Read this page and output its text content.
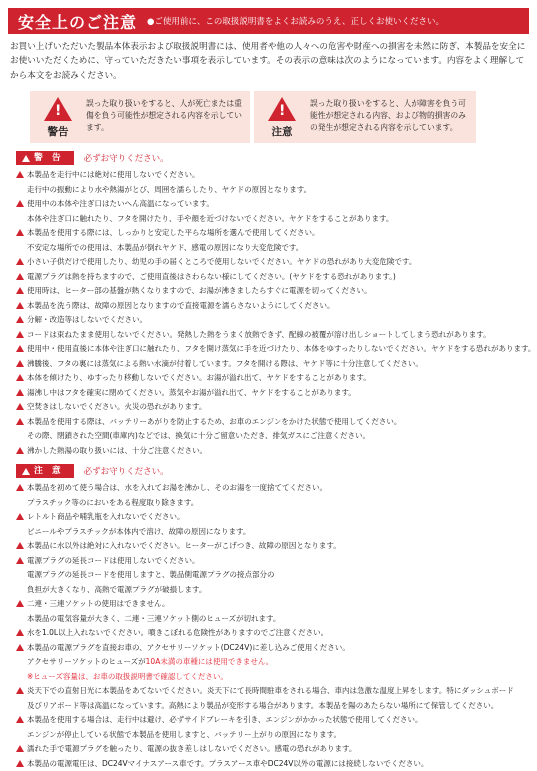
安全上のご注意 ●ご使用前に、この取扱説明書をよくお読みのうえ、正しくお使いください。

お買い上げいただいた製品本体表示および取扱説明書には、使用者や他の人々への危害や財産への損害を未然に防ぎ、本製品を安全にお使いいただくために、守っていただきたい事項を表示しています。その表示の意味は次のようになっています。内容をよく理解してから本文をお読みください。

!
警告
誤った取り扱いをすると、人が死亡または重傷を負う可能性が想定される内容を示しています。
!
注意
誤った取り扱いをすると、人が障害を負う可能性が想定される内容、および物的損害のみの発生が想定される内容を示しています。
警 告 必ずお守りください。
本製品を走行中には絶対に使用しないでください。
走行中の振動により水や熱湯がとび、周囲を濡らしたり、ヤケドの原因となります。
使用中の本体や注ぎ口はたいへん高温になっています。
本体や注ぎ口に触れたり、フタを開けたり、手や顔を近づけないでください。ヤケドをすることがあります。
本製品を使用する際には、しっかりと安定した平らな場所を選んで使用してください。
不安定な場所での使用は、本製品が倒れヤケド、感電の原因になり大変危険です。
小さい子供だけで使用したり、幼児の手の届くところで使用しないでください。ヤケドの恐れがあり大変危険です。
電源プラグは熱を持ちますので、ご使用直後はさわらない様にしてください。(ヤケドをする恐れがあります。)
使用時は、ヒーター部の基盤が熱くなりますので、お湯が沸きましたらすぐに電源を切ってください。
本製品を洗う際は、故障の原因となりますので直接電源を濡らさないようにしてください。
分解・改造等はしないでください。
コードは束ねたまま使用しないでください。発熱した熱をうまく放熱できず、配線の被覆が溶け出しショートしてしまう恐れがあります。
使用中・使用直後に本体や注ぎ口に触れたり、フタを開け蒸気に手を近づけたり、本体をゆすったりしないでください。ヤケドをする恐れがあります。
沸騰後、フタの裏には蒸気による熱い水滴が付着しています。フタを開ける際は、ヤケド等に十分注意してください。
本体を傾けたり、ゆすったり移動しないでください。お湯が溢れ出て、ヤケドをすることがあります。
湯沸し中はフタを確実に閉めてください。蒸気やお湯が溢れ出て、ヤケドをすることがあります。
空焚きはしないでください。火災の恐れがあります。
本製品を使用する際は、バッテリーあがりを防止するため、お車のエンジンをかけた状態で使用してください。
その際、閉鎖された空間(車庫内)などでは、換気に十分ご留意いただき、排気ガスにご注意ください。
沸かした熱湯の取り扱いには、十分ご注意ください。
注 意 必ずお守りください。
本製品を初めて使う場合は、水を入れてお湯を沸かし、そのお湯を一度捨ててください。
プラスチック等のにおいをある程度取り除きます。
レトルト商品や哺乳瓶を入れないでください。
ビニールやプラスチックが本体内で溶け、故障の原因になります。
本製品に水以外は絶対に入れないでください。ヒーターがこげつき、故障の原因となります。
電源プラグの延長コードは使用しないでください。
電源プラグの延長コードを使用しますと、製品側電源プラグの接点部分の
負担が大きくなり、高熱で電源プラグが破損します。
二連・三連ソケットの使用はできません。
本製品の電気容量が大きく、二連・三連ソケット側のヒューズが切れます。
水を1.0L以上入れないでください。噴きこぼれる危険性がありますのでご注意ください。
本製品の電源プラグを直接お車の、アクセサリーソケット(DC24V)に差し込みご使用ください。
アクセサリーソケットのヒューズが10A未満の車種には使用できません。
※ヒューズ容量は、お車の取扱説明書で確認してください。
炎天下での直射日光に本製品をあてないでください。炎天下にて長時間駐車をされる場合、車内は急激な温度上昇をします。特にダッシュボード
及びリアボード等は高温になっています。高熱により製品が変形する場合があります。本製品を陽のあたらない場所にて保管してください。
本製品を使用する場合は、走行中は避け、必ずサイドブレーキを引き、エンジンがかかった状態で使用してください。
エンジンが停止している状態で本製品を使用しますと、バッテリー上がりの原因になります。
濡れた手で電源プラグを触ったり、電源の抜き差しはしないでください。感電の恐れがあります。
本製品の電源電圧は、DC24Vマイナスアース車です。プラスアース車やDC24V以外の電源には接続しないでください。
